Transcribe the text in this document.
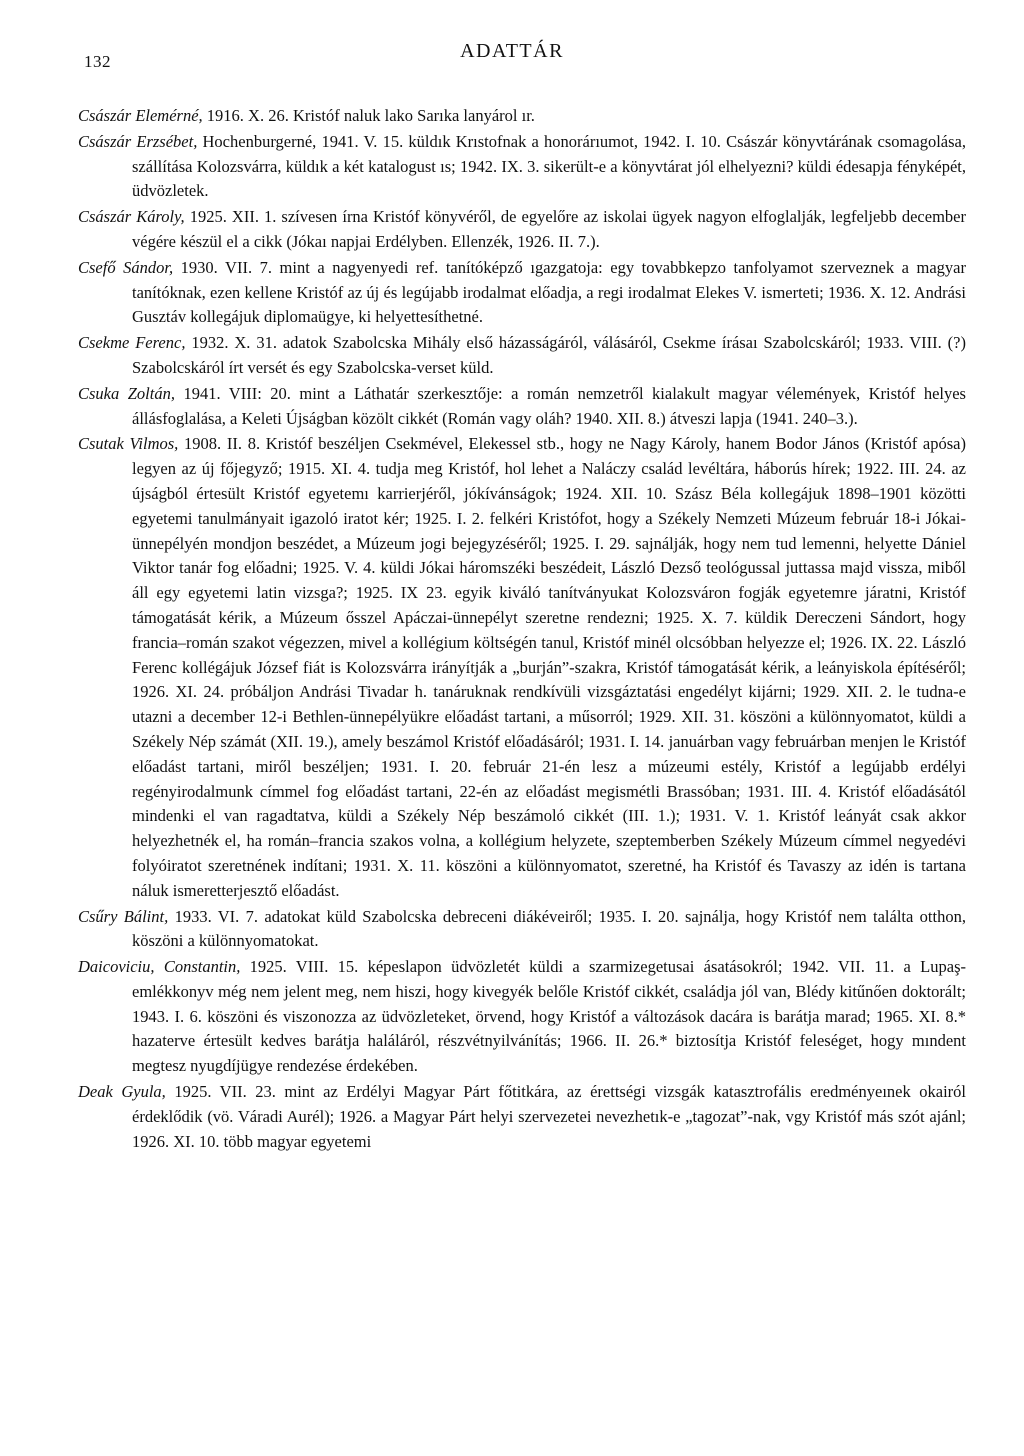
132	ADATTÁR

Császár Elemérné, 1916. X. 26. Kristóf naluk lako Sarıka lanyárol ır.

Császár Erzsébet, Hochenburgerné, 1941. V. 15. küldık Krıstofnak a honorárıumot, 1942. I. 10. Császár könyvtárának csomagolása, szállítása Kolozsvárra, küldık a két katalogust ıs; 1942. IX. 3. sikerült-e a könyvtárat jól elhelyezni? küldi édesapja fényképét, üdvözletek.

Császár Károly, 1925. XII. 1. szívesen írna Kristóf könyvéről, de egyelőre az iskolai ügyek nagyon elfoglalják, legfeljebb december végére készül el a cikk (Jókaı napjai Erdélyben. Ellenzék, 1926. II. 7.).

Csefő Sándor, 1930. VII. 7. mint a nagyenyedi ref. tanítóképző ıgazgatoja: egy tovabbkepzo tanfolyamot szerveznek a magyar tanítóknak, ezen kellene Kristóf az új és legújabb irodalmat előadja, a regi irodalmat Elekes V. ismerteti; 1936. X. 12. Andrási Gusztáv kollegájuk diplomaügye, ki helyettesíthetné.

Csekme Ferenc, 1932. X. 31. adatok Szabolcska Mihály első házasságáról, válásáról, Csekme írásaı Szabolcskáról; 1933. VIII. (?) Szabolcskáról írt versét és egy Szabolcska-verset küld.

Csuka Zoltán, 1941. VIII: 20. mint a Láthatár szerkesztője: a román nemzetről kialakult magyar vélemények, Kristóf helyes állásfoglalása, a Keleti Újságban közölt cikkét (Román vagy oláh? 1940. XII. 8.) átveszi lapja (1941. 240–3.).

Csutak Vilmos, 1908. II. 8. Kristóf beszéljen Csekmével, Elekessel stb., hogy ne Nagy Károly, hanem Bodor János (Kristóf apósa) legyen az új főjegyző; 1915. XI. 4. tudja meg Kristóf, hol lehet a Naláczy család levéltára, háborús hírek; 1922. III. 24. az újságból értesült Kristóf egyetemı karrierjéről, jókívánságok; 1924. XII. 10. Szász Béla kollegájuk 1898–1901 közötti egyetemi tanulmányait igazoló iratot kér; 1925. I. 2. felkéri Kristófot, hogy a Székely Nemzeti Múzeum február 18-i Jókai-ünnepélyén mondjon beszédet, a Múzeum jogi bejegyzéséről; 1925. I. 29. sajnálják, hogy nem tud lemenni, helyette Dániel Viktor tanár fog előadni; 1925. V. 4. küldi Jókai háromszéki beszédeit, László Dezső teológussal juttassa majd vissza, miből áll egy egyetemi latin vizsga?; 1925. IX 23. egyik kiváló tanítványukat Kolozsváron fogják egyetemre járatni, Kristóf támogatását kérik, a Múzeum ősszel Apáczai-ünnepélyt szeretne rendezni; 1925. X. 7. küldik Dereczeni Sándort, hogy francia–román szakot végezzen, mivel a kollégium költségén tanul, Kristóf minél olcsóbban helyezze el; 1926. IX. 22. László Ferenc kollégájuk József fiát is Kolozsvárra irányítják a „burján”-szakra, Kristóf támogatását kérik, a leányiskola építéséről; 1926. XI. 24. próbáljon Andrási Tivadar h. tanáruknak rendkívüli vizsgáztatási engedélyt kijárni; 1929. XII. 2. le tudna-e utazni a december 12-i Bethlen-ünnepélyükre előadást tartani, a műsorról; 1929. XII. 31. köszöni a különnyomatot, küldi a Székely Nép számát (XII. 19.), amely beszámol Kristóf előadásáról; 1931. I. 14. januárban vagy februárban menjen le Kristóf előadást tartani, miről beszéljen; 1931. I. 20. február 21-én lesz a múzeumi estély, Kristóf a legújabb erdélyi regényirodalmunk címmel fog előadást tartani, 22-én az előadást megismétli Brassóban; 1931. III. 4. Kristóf előadásától mindenki el van ragadtatva, küldi a Székely Nép beszámoló cikkét (III. 1.); 1931. V. 1. Kristóf leányát csak akkor helyezhetnék el, ha román–francia szakos volna, a kollégium helyzete, szeptemberben Székely Múzeum címmel negyedévi folyóiratot szeretnének indítani; 1931. X. 11. köszöni a különnyomatot, szeretné, ha Kristóf és Tavaszy az idén is tartana náluk ismeretterjesztő előadást.

Csűry Bálint, 1933. VI. 7. adatokat küld Szabolcska debreceni diákéveiről; 1935. I. 20. sajnálja, hogy Kristóf nem találta otthon, köszöni a különnyomatokat.

Daicoviciu, Constantin, 1925. VIII. 15. képeslapon üdvözletét küldi a szarmizegetusai ásatásokról; 1942. VII. 11. a Lupaş-emlékkonyv még nem jelent meg, nem hiszi, hogy kivegyék belőle Kristóf cikkét, családja jól van, Blédy kitűnően doktorált; 1943. I. 6. köszöni és viszonozza az üdvözleteket, örvend, hogy Kristóf a változások dacára is barátja marad; 1965. XI. 8.* hazaterve értesült kedves barátja haláláról, részvétnyilvánítás; 1966. II. 26.* biztosítja Kristóf feleséget, hogy mındent megtesz nyugdíjügye rendezése érdekében.

Deak Gyula, 1925. VII. 23. mint az Erdélyi Magyar Párt főtitkára, az érettségi vizsgák katasztrofális eredményeınek okairól érdeklődik (vö. Váradi Aurél); 1926. a Magyar Párt helyi szervezetei nevezhetık-e „tagozat”-nak, vgy Kristóf más szót ajánl; 1926. XI. 10. több magyar egyetemi
